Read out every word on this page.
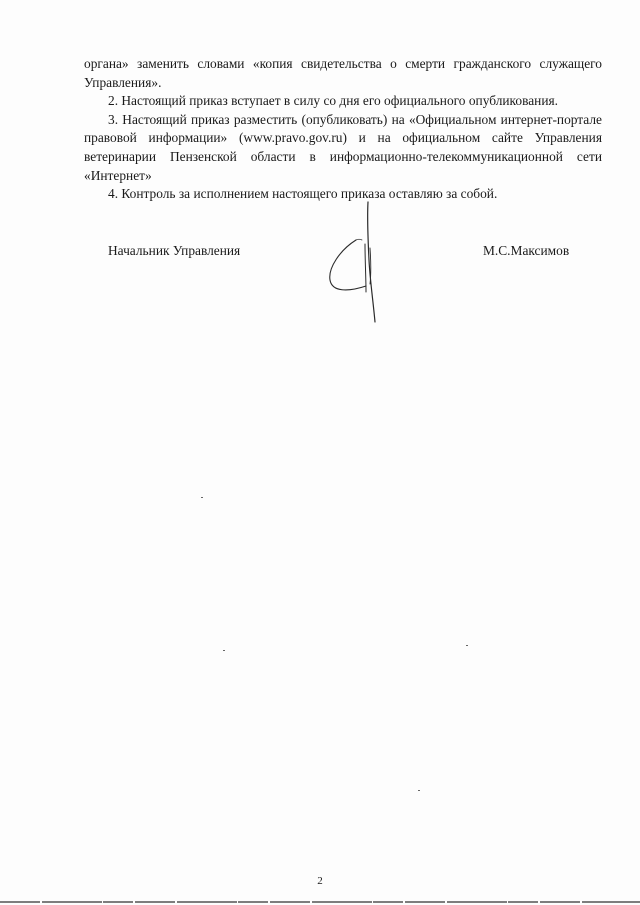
органа» заменить словами «копия свидетельства о смерти гражданского служащего Управления».

2. Настоящий приказ вступает в силу со дня его официального опубликования.

3. Настоящий приказ разместить (опубликовать) на «Официальном интернет-портале правовой информации» (www.pravo.gov.ru) и на официальном сайте Управления ветеринарии Пензенской области в информационно-телекоммуникационной сети «Интернет»

4. Контроль за исполнением настоящего приказа оставляю за собой.

Начальник Управления	М.С.Максимов
2
